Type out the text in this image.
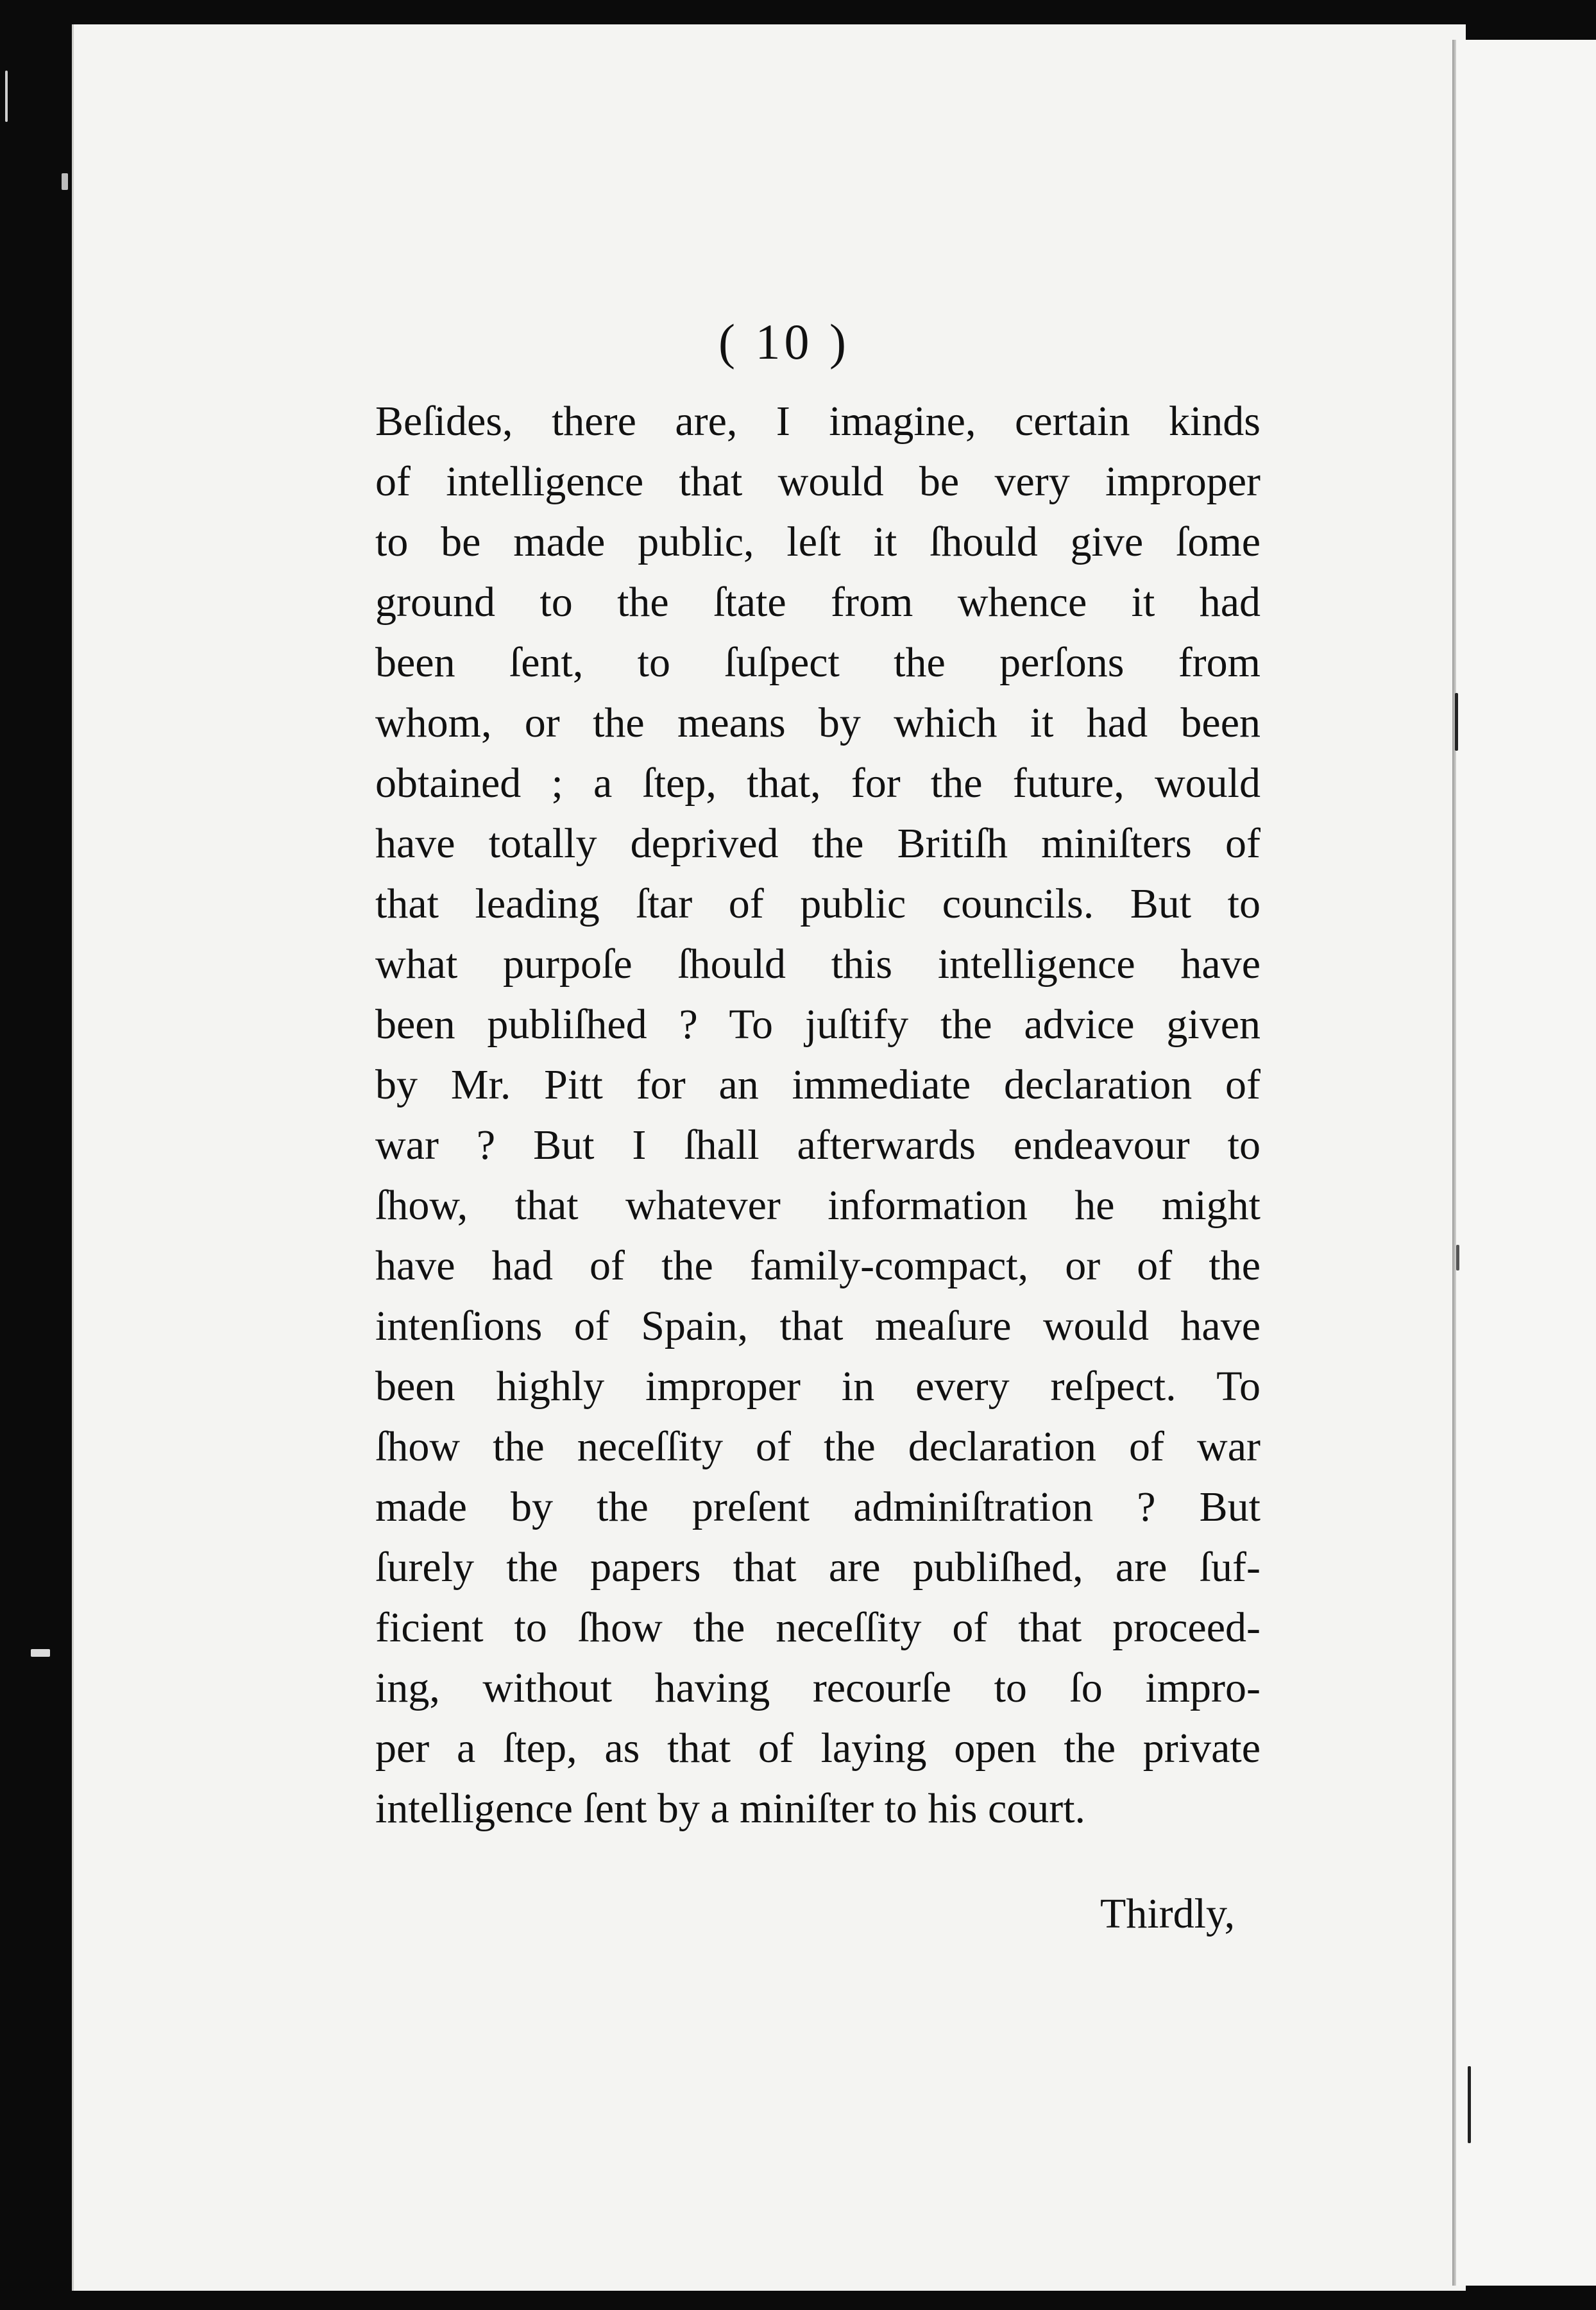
( 10 )
Beſides, there are, I imagine, certain kinds
of intelligence that would be very improper
to be made public, leſt it ſhould give ſome
ground to the ſtate from whence it had
been ſent, to ſuſpect the perſons from
whom, or the means by which it had been
obtained ; a ſtep, that, for the future, would
have totally deprived the Britiſh miniſters of
that leading ſtar of public councils. But to
what purpoſe ſhould this intelligence have
been publiſhed ? To juſtify the advice given
by Mr. Pitt for an immediate declaration of
war ? But I ſhall afterwards endeavour to
ſhow, that whatever information he might
have had of the family-compact, or of the
intenſions of Spain, that meaſure would have
been highly improper in every reſpect. To
ſhow the neceſſity of the declaration of war
made by the preſent adminiſtration ? But
ſurely the papers that are publiſhed, are ſuf-
ficient to ſhow the neceſſity of that proceed-
ing, without having recourſe to ſo impro-
per a ſtep, as that of laying open the private
intelligence ſent by a miniſter to his court.
Thirdly,
